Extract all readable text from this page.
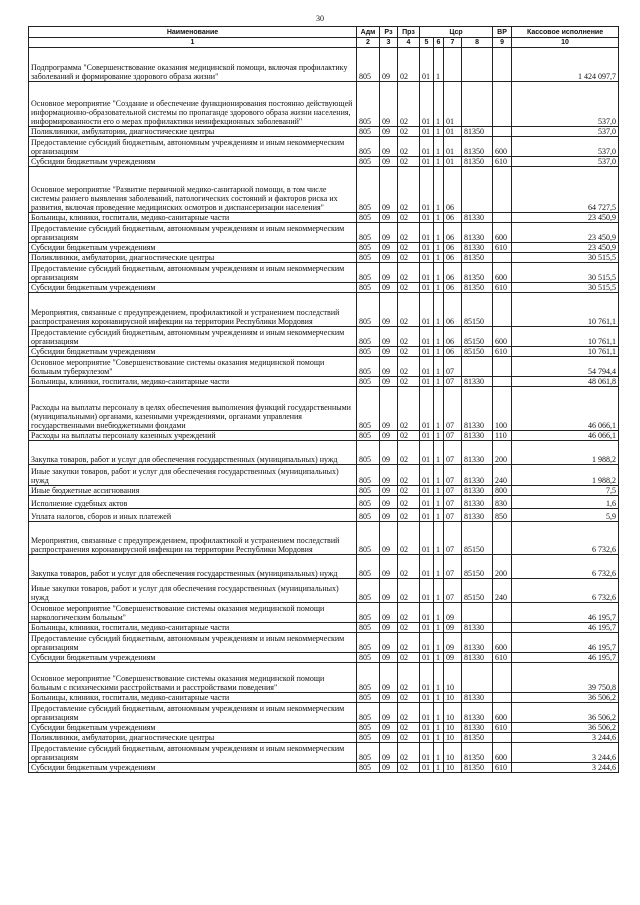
30
Наименование	Адм	Рз	Прз	Цср				ВР	Кассовое исполнение
1	2	3	4	5	6	7	8	9	10
Подпрограмма "Совершенствование оказания медицинской помощи, включая профилактику заболеваний и формирование здорового образа жизни"	805	09	02	01	1				1 424 097,7
Основное мероприятие "Создание и обеспечение функционирования постоянно действующей информационно-образовательной системы по пропаганде здорового образа жизни населения, информированности его о мерах профилактики неинфекционных заболеваний"	805	09	02	01	1	01			537,0
Поликлиники, амбулатории, диагностические центры	805	09	02	01	1	01	81350		537,0
Предоставление субсидий бюджетным, автономным учреждениям и иным некоммерческим организациям	805	09	02	01	1	01	81350	600	537,0
Субсидии бюджетным учреждениям	805	09	02	01	1	01	81350	610	537,0
Основное мероприятие "Развитие первичной медико-санитарной помощи, в том числе системы раннего выявления заболеваний, патологических состояний и факторов риска их развития, включая проведение медицинских осмотров и диспансеризации населения"	805	09	02	01	1	06			64 727,5
Больницы, клиники, госпитали, медико-санитарные части	805	09	02	01	1	06	81330		23 450,9
Предоставление субсидий бюджетным, автономным учреждениям и иным некоммерческим организациям	805	09	02	01	1	06	81330	600	23 450,9
Субсидии бюджетным учреждениям	805	09	02	01	1	06	81330	610	23 450,9
Поликлиники, амбулатории, диагностические центры	805	09	02	01	1	06	81350		30 515,5
Предоставление субсидий бюджетным, автономным учреждениям и иным некоммерческим организациям	805	09	02	01	1	06	81350	600	30 515,5
Субсидии бюджетным учреждениям	805	09	02	01	1	06	81350	610	30 515,5
Мероприятия, связанные с предупреждением, профилактикой и устранением последствий распространения коронавирусной инфекции на территории Республики Мордовия	805	09	02	01	1	06	85150		10 761,1
Предоставление субсидий бюджетным, автономным учреждениям и иным некоммерческим организациям	805	09	02	01	1	06	85150	600	10 761,1
Субсидии бюджетным учреждениям	805	09	02	01	1	06	85150	610	10 761,1
Основное мероприятие "Совершенствование системы оказания медицинской помощи больным туберкулезом"	805	09	02	01	1	07			54 794,4
Больницы, клиники, госпитали, медико-санитарные части	805	09	02	01	1	07	81330		48 061,8
Расходы на выплаты персоналу в целях обеспечения выполнения функций государственными (муниципальными) органами, казенными учреждениями, органами управления государственными внебюджетными фондами	805	09	02	01	1	07	81330	100	46 066,1
Расходы на выплаты персоналу казенных учреждений	805	09	02	01	1	07	81330	110	46 066,1
Закупка товаров, работ и услуг для обеспечения государственных (муниципальных) нужд	805	09	02	01	1	07	81330	200	1 988,2
Иные закупки товаров, работ и услуг для обеспечения государственных (муниципальных) нужд	805	09	02	01	1	07	81330	240	1 988,2
Иные бюджетные ассигнования	805	09	02	01	1	07	81330	800	7,5
Исполнение судебных актов	805	09	02	01	1	07	81330	830	1,6
Уплата налогов, сборов и иных платежей	805	09	02	01	1	07	81330	850	5,9
Мероприятия, связанные с предупреждением, профилактикой и устранением последствий распространения коронавирусной инфекции на территории Республики Мордовия	805	09	02	01	1	07	85150		6 732,6
Закупка товаров, работ и услуг для обеспечения государственных (муниципальных) нужд	805	09	02	01	1	07	85150	200	6 732,6
Иные закупки товаров, работ и услуг для обеспечения государственных (муниципальных) нужд	805	09	02	01	1	07	85150	240	6 732,6
Основное мероприятие "Совершенствование системы оказания медицинской помощи наркологическим больным"	805	09	02	01	1	09			46 195,7
Больницы, клиники, госпитали, медико-санитарные части	805	09	02	01	1	09	81330		46 195,7
Предоставление субсидий бюджетным, автономным учреждениям и иным некоммерческим организациям	805	09	02	01	1	09	81330	600	46 195,7
Субсидии бюджетным учреждениям	805	09	02	01	1	09	81330	610	46 195,7
Основное мероприятие "Совершенствование системы оказания медицинской помощи больным с психическими расстройствами и расстройствами поведения"	805	09	02	01	1	10			39 750,8
Больницы, клиники, госпитали, медико-санитарные части	805	09	02	01	1	10	81330		36 506,2
Предоставление субсидий бюджетным, автономным учреждениям и иным некоммерческим организациям	805	09	02	01	1	10	81330	600	36 506,2
Субсидии бюджетным учреждениям	805	09	02	01	1	10	81330	610	36 506,2
Поликлиники, амбулатории, диагностические центры	805	09	02	01	1	10	81350		3 244,6
Предоставление субсидий бюджетным, автономным учреждениям и иным некоммерческим организациям	805	09	02	01	1	10	81350	600	3 244,6
Субсидии бюджетным учреждениям	805	09	02	01	1	10	81350	610	3 244,6
